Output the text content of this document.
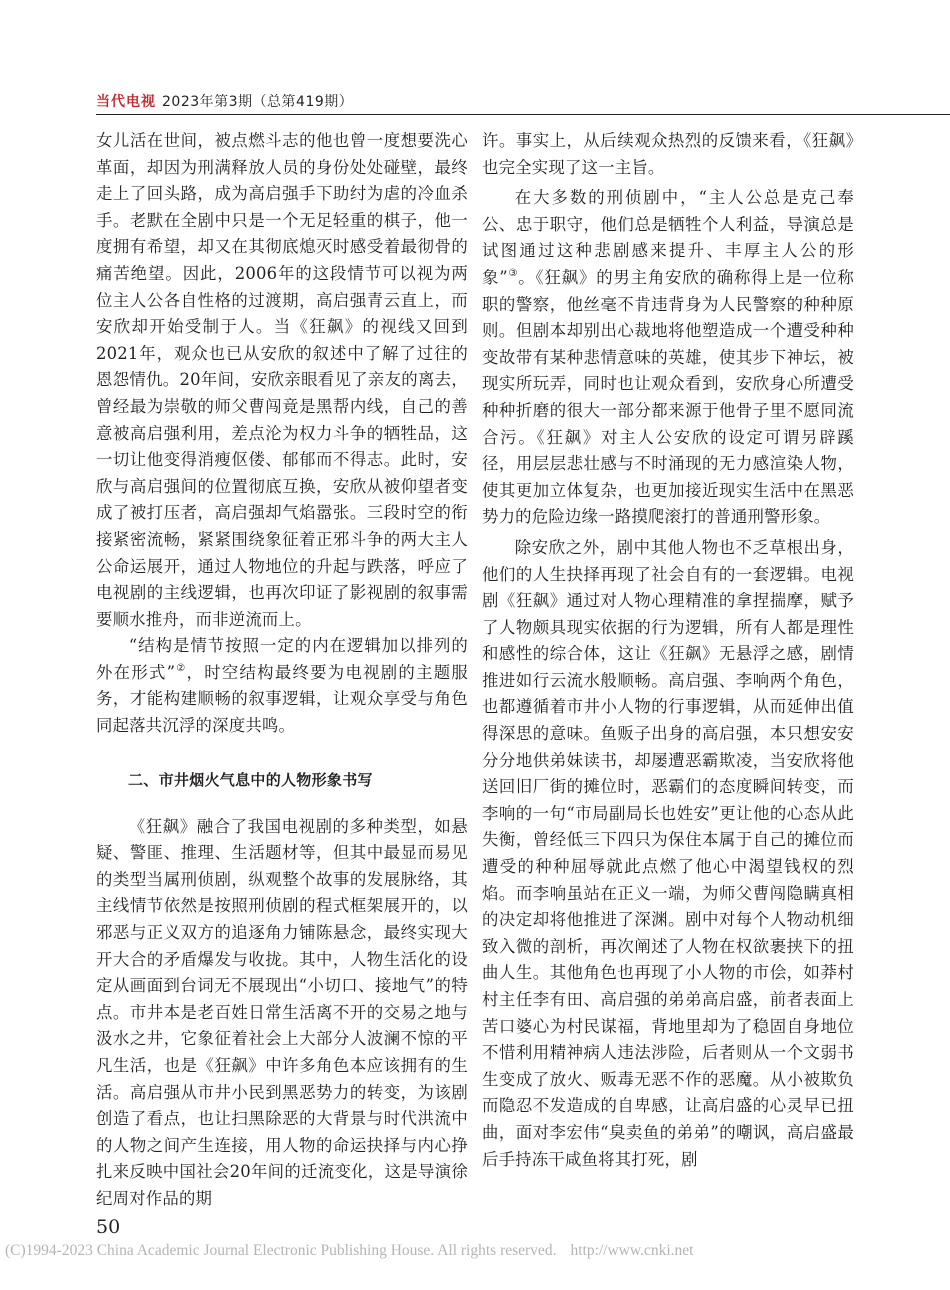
当代电视 2023年第3期（总第419期）

女儿活在世间，被点燃斗志的他也曾一度想要洗心革面，却因为刑满释放人员的身份处处碰壁，最终走上了回头路，成为高启强手下助纣为虐的冷血杀手。老默在全剧中只是一个无足轻重的棋子，他一度拥有希望，却又在其彻底熄灭时感受着最彻骨的痛苦绝望。因此，2006年的这段情节可以视为两位主人公各自性格的过渡期，高启强青云直上，而安欣却开始受制于人。当《狂飙》的视线又回到2021年，观众也已从安欣的叙述中了解了过往的恩怨情仇。20年间，安欣亲眼看见了亲友的离去，曾经最为崇敬的师父曹闯竟是黑帮内线，自己的善意被高启强利用，差点沦为权力斗争的牺牲品，这一切让他变得消瘦伛偻、郁郁而不得志。此时，安欣与高启强间的位置彻底互换，安欣从被仰望者变成了被打压者，高启强却气焰嚣张。三段时空的衔接紧密流畅，紧紧围绕象征着正邪斗争的两大主人公命运展开，通过人物地位的升起与跌落，呼应了电视剧的主线逻辑，也再次印证了影视剧的叙事需要顺水推舟，而非逆流而上。

“结构是情节按照一定的内在逻辑加以排列的外在形式”②，时空结构最终要为电视剧的主题服务，才能构建顺畅的叙事逻辑，让观众享受与角色同起落共沉浮的深度共鸣。

二、市井烟火气息中的人物形象书写

《狂飙》融合了我国电视剧的多种类型，如悬疑、警匪、推理、生活题材等，但其中最显而易见的类型当属刑侦剧，纵观整个故事的发展脉络，其主线情节依然是按照刑侦剧的程式框架展开的，以邪恶与正义双方的追逐角力铺陈悬念，最终实现大开大合的矛盾爆发与收拢。其中，人物生活化的设定从画面到台词无不展现出“小切口、接地气”的特点。市井本是老百姓日常生活离不开的交易之地与汲水之井，它象征着社会上大部分人波澜不惊的平凡生活，也是《狂飙》中许多角色本应该拥有的生活。高启强从市井小民到黑恶势力的转变，为该剧创造了看点，也让扫黑除恶的大背景与时代洪流中的人物之间产生连接，用人物的命运抉择与内心挣扎来反映中国社会20年间的迁流变化，这是导演徐纪周对作品的期

许。事实上，从后续观众热烈的反馈来看，《狂飙》也完全实现了这一主旨。

在大多数的刑侦剧中，“主人公总是克己奉公、忠于职守，他们总是牺牲个人利益，导演总是试图通过这种悲剧感来提升、丰厚主人公的形象”③。《狂飙》的男主角安欣的确称得上是一位称职的警察，他丝毫不肯违背身为人民警察的种种原则。但剧本却别出心裁地将他塑造成一个遭受种种变故带有某种悲情意味的英雄，使其步下神坛，被现实所玩弄，同时也让观众看到，安欣身心所遭受种种折磨的很大一部分都来源于他骨子里不愿同流合污。《狂飙》对主人公安欣的设定可谓另辟蹊径，用层层悲壮感与不时涌现的无力感渲染人物，使其更加立体复杂，也更加接近现实生活中在黑恶势力的危险边缘一路摸爬滚打的普通刑警形象。

除安欣之外，剧中其他人物也不乏草根出身，他们的人生抉择再现了社会自有的一套逻辑。电视剧《狂飙》通过对人物心理精准的拿捏揣摩，赋予了人物颇具现实依据的行为逻辑，所有人都是理性和感性的综合体，这让《狂飙》无悬浮之感，剧情推进如行云流水般顺畅。高启强、李响两个角色，也都遵循着市井小人物的行事逻辑，从而延伸出值得深思的意味。鱼贩子出身的高启强，本只想安安分分地供弟妹读书，却屡遭恶霸欺凌，当安欣将他送回旧厂街的摊位时，恶霸们的态度瞬间转变，而李响的一句“市局副局长也姓安”更让他的心态从此失衡，曾经低三下四只为保住本属于自己的摊位而遭受的种种屈辱就此点燃了他心中渴望钱权的烈焰。而李响虽站在正义一端，为师父曹闯隐瞒真相的决定却将他推进了深渊。剧中对每个人物动机细致入微的剖析，再次阐述了人物在权欲裹挟下的扭曲人生。其他角色也再现了小人物的市侩，如莽村村主任李有田、高启强的弟弟高启盛，前者表面上苦口婆心为村民谋福，背地里却为了稳固自身地位不惜利用精神病人违法涉险，后者则从一个文弱书生变成了放火、贩毒无恶不作的恶魔。从小被欺负而隐忍不发造成的自卑感，让高启盛的心灵早已扭曲，面对李宏伟“臭卖鱼的弟弟”的嘲讽，高启盛最后手持冻干咸鱼将其打死，剧

50
(C)1994-2023 China Academic Journal Electronic Publishing House. All rights reserved. http://www.cnki.net
